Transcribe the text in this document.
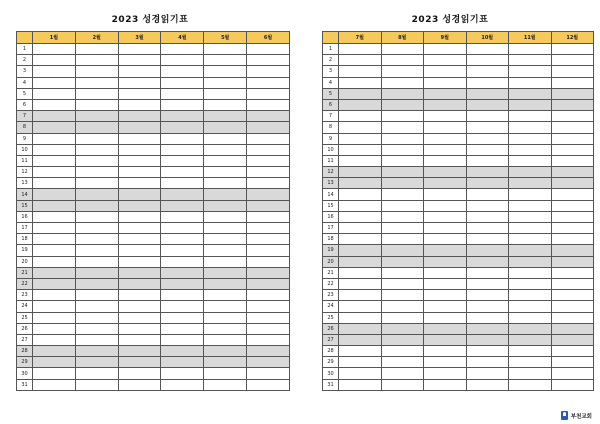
2023 성경읽기표
	1월	2월	3월	4월	5월	6월
1						
2						
3						
4						
5						
6						
7						
8						
9						
10						
11						
12						
13						
14						
15						
16						
17						
18						
19						
20						
21						
22						
23						
24						
25						
26						
27						
28						
29						
30						
31						
2023 성경읽기표
	7월	8월	9월	10월	11월	12월
1						
2						
3						
4						
5						
6						
7						
8						
9						
10						
11						
12						
13						
14						
15						
16						
17						
18						
19						
20						
21						
22						
23						
24						
25						
26						
27						
28						
29						
30						
31						
부천교회
